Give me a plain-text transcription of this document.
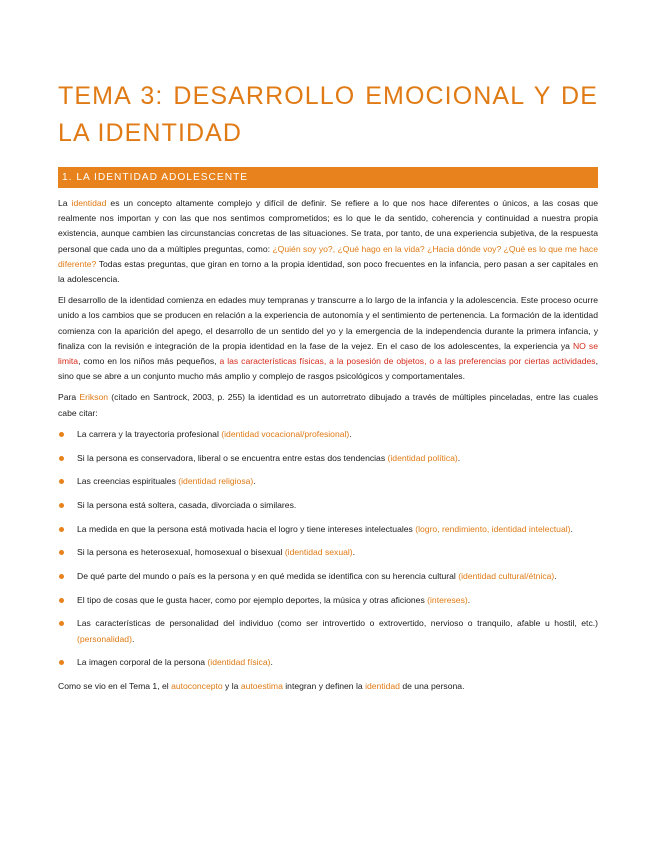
TEMA 3: DESARROLLO EMOCIONAL Y DE LA IDENTIDAD
1. LA IDENTIDAD ADOLESCENTE

La identidad es un concepto altamente complejo y difícil de definir. Se refiere a lo que nos hace diferentes o únicos, a las cosas que realmente nos importan y con las que nos sentimos comprometidos; es lo que le da sentido, coherencia y continuidad a nuestra propia existencia, aunque cambien las circunstancias concretas de las situaciones. Se trata, por tanto, de una experiencia subjetiva, de la respuesta personal que cada uno da a múltiples preguntas, como: ¿Quién soy yo?, ¿Qué hago en la vida? ¿Hacia dónde voy? ¿Qué es lo que me hace diferente? Todas estas preguntas, que giran en torno a la propia identidad, son poco frecuentes en la infancia, pero pasan a ser capitales en la adolescencia.

El desarrollo de la identidad comienza en edades muy tempranas y transcurre a lo largo de la infancia y la adolescencia. Este proceso ocurre unido a los cambios que se producen en relación a la experiencia de autonomía y el sentimiento de pertenencia. La formación de la identidad comienza con la aparición del apego, el desarrollo de un sentido del yo y la emergencia de la independencia durante la primera infancia, y finaliza con la revisión e integración de la propia identidad en la fase de la vejez. En el caso de los adolescentes, la experiencia ya NO se limita, como en los niños más pequeños, a las características físicas, a la posesión de objetos, o a las preferencias por ciertas actividades, sino que se abre a un conjunto mucho más amplio y complejo de rasgos psicológicos y comportamentales.

Para Erikson (citado en Santrock, 2003, p. 255) la identidad es un autorretrato dibujado a través de múltiples pinceladas, entre las cuales cabe citar:

La carrera y la trayectoria profesional (identidad vocacional/profesional).
Si la persona es conservadora, liberal o se encuentra entre estas dos tendencias (identidad política).
Las creencias espirituales (identidad religiosa).
Si la persona está soltera, casada, divorciada o similares.
La medida en que la persona está motivada hacia el logro y tiene intereses intelectuales (logro, rendimiento, identidad intelectual).
Si la persona es heterosexual, homosexual o bisexual (identidad sexual).
De qué parte del mundo o país es la persona y en qué medida se identifica con su herencia cultural (identidad cultural/étnica).
El tipo de cosas que le gusta hacer, como por ejemplo deportes, la música y otras aficiones (intereses).
Las características de personalidad del individuo (como ser introvertido o extrovertido, nervioso o tranquilo, afable u hostil, etc.) (personalidad).
La imagen corporal de la persona (identidad física).

Como se vio en el Tema 1, el autoconcepto y la autoestima integran y definen la identidad de una persona.
